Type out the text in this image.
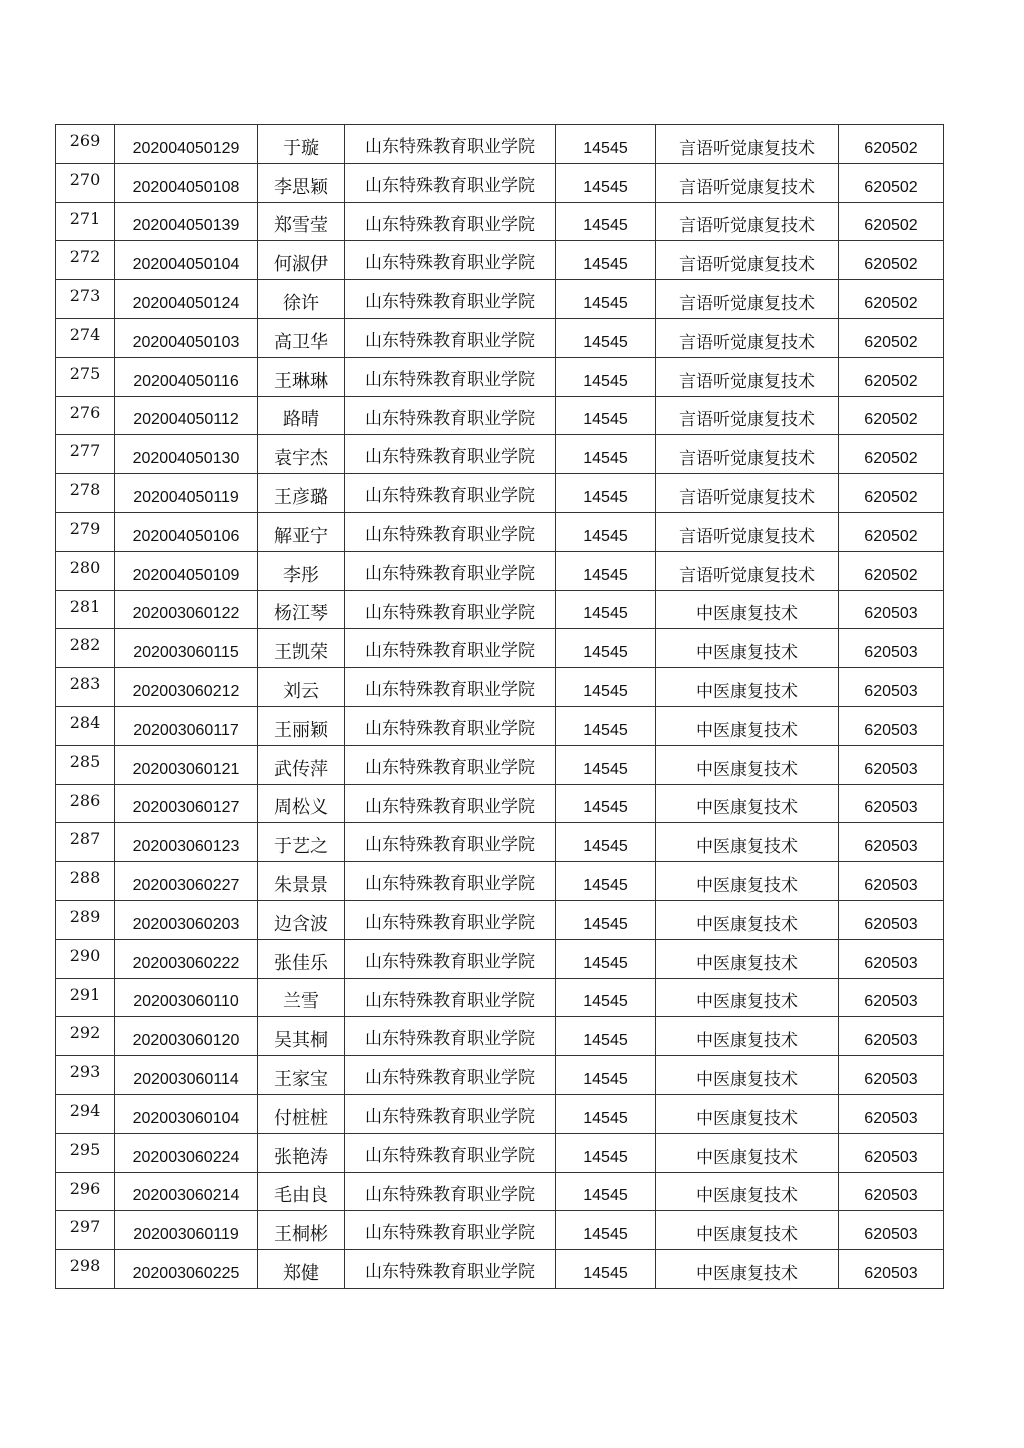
269	202004050129	于璇	山东特殊教育职业学院	14545	言语听觉康复技术	620502
270	202004050108	李思颖	山东特殊教育职业学院	14545	言语听觉康复技术	620502
271	202004050139	郑雪莹	山东特殊教育职业学院	14545	言语听觉康复技术	620502
272	202004050104	何淑伊	山东特殊教育职业学院	14545	言语听觉康复技术	620502
273	202004050124	徐许	山东特殊教育职业学院	14545	言语听觉康复技术	620502
274	202004050103	高卫华	山东特殊教育职业学院	14545	言语听觉康复技术	620502
275	202004050116	王琳琳	山东特殊教育职业学院	14545	言语听觉康复技术	620502
276	202004050112	路晴	山东特殊教育职业学院	14545	言语听觉康复技术	620502
277	202004050130	袁宇杰	山东特殊教育职业学院	14545	言语听觉康复技术	620502
278	202004050119	王彦璐	山东特殊教育职业学院	14545	言语听觉康复技术	620502
279	202004050106	解亚宁	山东特殊教育职业学院	14545	言语听觉康复技术	620502
280	202004050109	李彤	山东特殊教育职业学院	14545	言语听觉康复技术	620502
281	202003060122	杨江琴	山东特殊教育职业学院	14545	中医康复技术	620503
282	202003060115	王凯荣	山东特殊教育职业学院	14545	中医康复技术	620503
283	202003060212	刘云	山东特殊教育职业学院	14545	中医康复技术	620503
284	202003060117	王丽颖	山东特殊教育职业学院	14545	中医康复技术	620503
285	202003060121	武传萍	山东特殊教育职业学院	14545	中医康复技术	620503
286	202003060127	周松义	山东特殊教育职业学院	14545	中医康复技术	620503
287	202003060123	于艺之	山东特殊教育职业学院	14545	中医康复技术	620503
288	202003060227	朱景景	山东特殊教育职业学院	14545	中医康复技术	620503
289	202003060203	边含波	山东特殊教育职业学院	14545	中医康复技术	620503
290	202003060222	张佳乐	山东特殊教育职业学院	14545	中医康复技术	620503
291	202003060110	兰雪	山东特殊教育职业学院	14545	中医康复技术	620503
292	202003060120	吴其桐	山东特殊教育职业学院	14545	中医康复技术	620503
293	202003060114	王家宝	山东特殊教育职业学院	14545	中医康复技术	620503
294	202003060104	付桩桩	山东特殊教育职业学院	14545	中医康复技术	620503
295	202003060224	张艳涛	山东特殊教育职业学院	14545	中医康复技术	620503
296	202003060214	毛由良	山东特殊教育职业学院	14545	中医康复技术	620503
297	202003060119	王桐彬	山东特殊教育职业学院	14545	中医康复技术	620503
298	202003060225	郑健	山东特殊教育职业学院	14545	中医康复技术	620503
